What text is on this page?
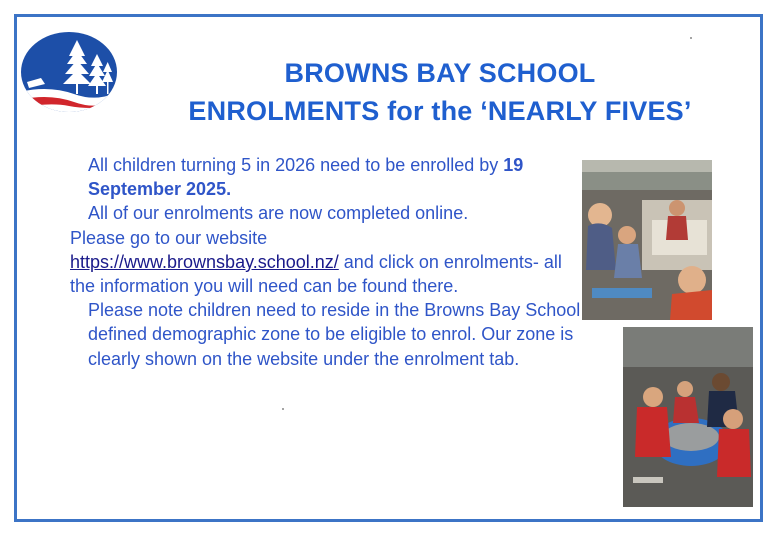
BROWNS BAY SCHOOL
ENROLMENTS for the ‘NEARLY FIVES’

All children turning 5 in 2026 need to be enrolled by 19 September 2025.

All of our enrolments are now completed online.

Please go to our website

https://www.brownsbay.school.nz/ and click on enrolments- all the information you will need can be found there.

Please note children need to reside in the Browns Bay School defined demographic zone to be eligible to enrol. Our zone is clearly shown on the website under the enrolment tab.
